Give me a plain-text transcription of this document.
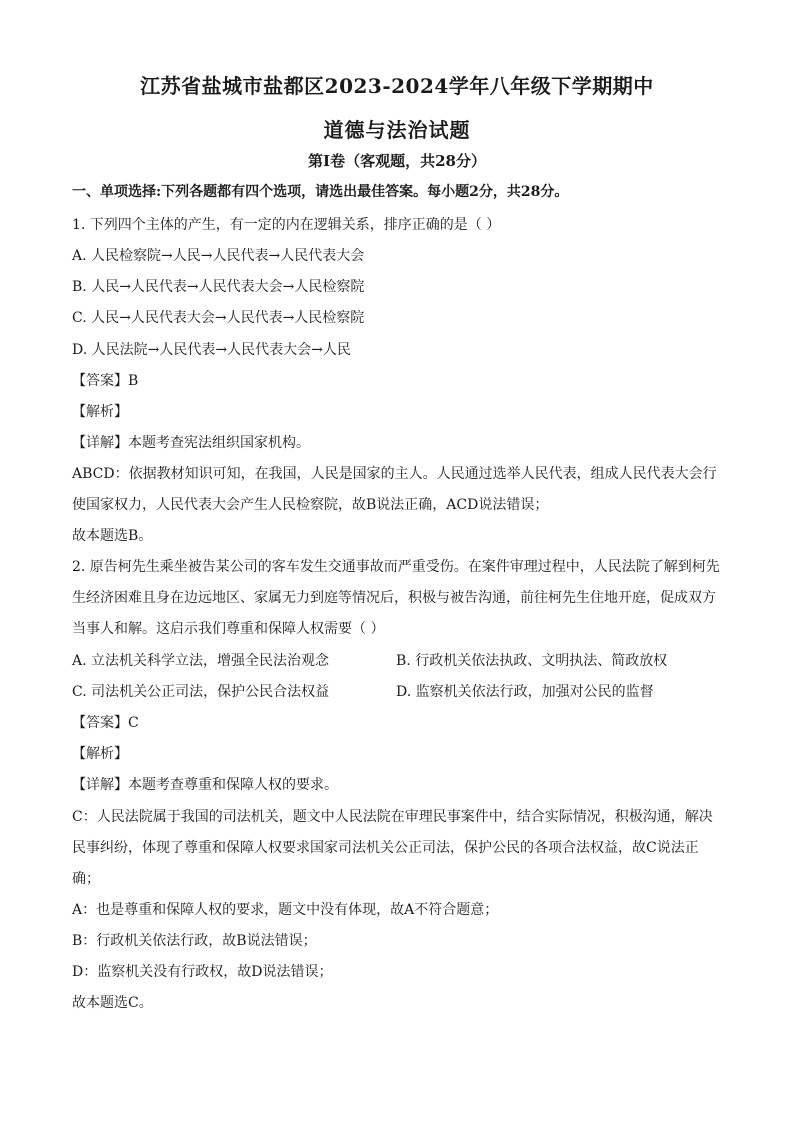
江苏省盐城市盐都区2023-2024学年八年级下学期期中
道德与法治试题
第I卷（客观题，共28分）
一、单项选择:下列各题都有四个选项，请选出最佳答案。每小题2分，共28分。
1. 下列四个主体的产生，有一定的内在逻辑关系，排序正确的是（ ）
A. 人民检察院→人民→人民代表→人民代表大会
B. 人民→人民代表→人民代表大会→人民检察院
C. 人民→人民代表大会→人民代表→人民检察院
D. 人民法院→人民代表→人民代表大会→人民
【答案】B
【解析】
【详解】本题考查宪法组织国家机构。
ABCD：依据教材知识可知，在我国，人民是国家的主人。人民通过选举人民代表，组成人民代表大会行
使国家权力，人民代表大会产生人民检察院，故B说法正确，ACD说法错误；
故本题选B。
2. 原告柯先生乘坐被告某公司的客车发生交通事故而严重受伤。在案件审理过程中，人民法院了解到柯先
生经济困难且身在边远地区、家属无力到庭等情况后，积极与被告沟通，前往柯先生住地开庭，促成双方
当事人和解。这启示我们尊重和保障人权需要（ ）
A. 立法机关科学立法，增强全民法治观念	B. 行政机关依法执政、文明执法、简政放权
C. 司法机关公正司法，保护公民合法权益	D. 监察机关依法行政，加强对公民的监督
【答案】C
【解析】
【详解】本题考查尊重和保障人权的要求。
C：人民法院属于我国的司法机关，题文中人民法院在审理民事案件中，结合实际情况，积极沟通，解决
民事纠纷，体现了尊重和保障人权要求国家司法机关公正司法，保护公民的各项合法权益，故C说法正
确；
A：也是尊重和保障人权的要求，题文中没有体现，故A不符合题意；
B：行政机关依法行政，故B说法错误；
D：监察机关没有行政权，故D说法错误；
故本题选C。
